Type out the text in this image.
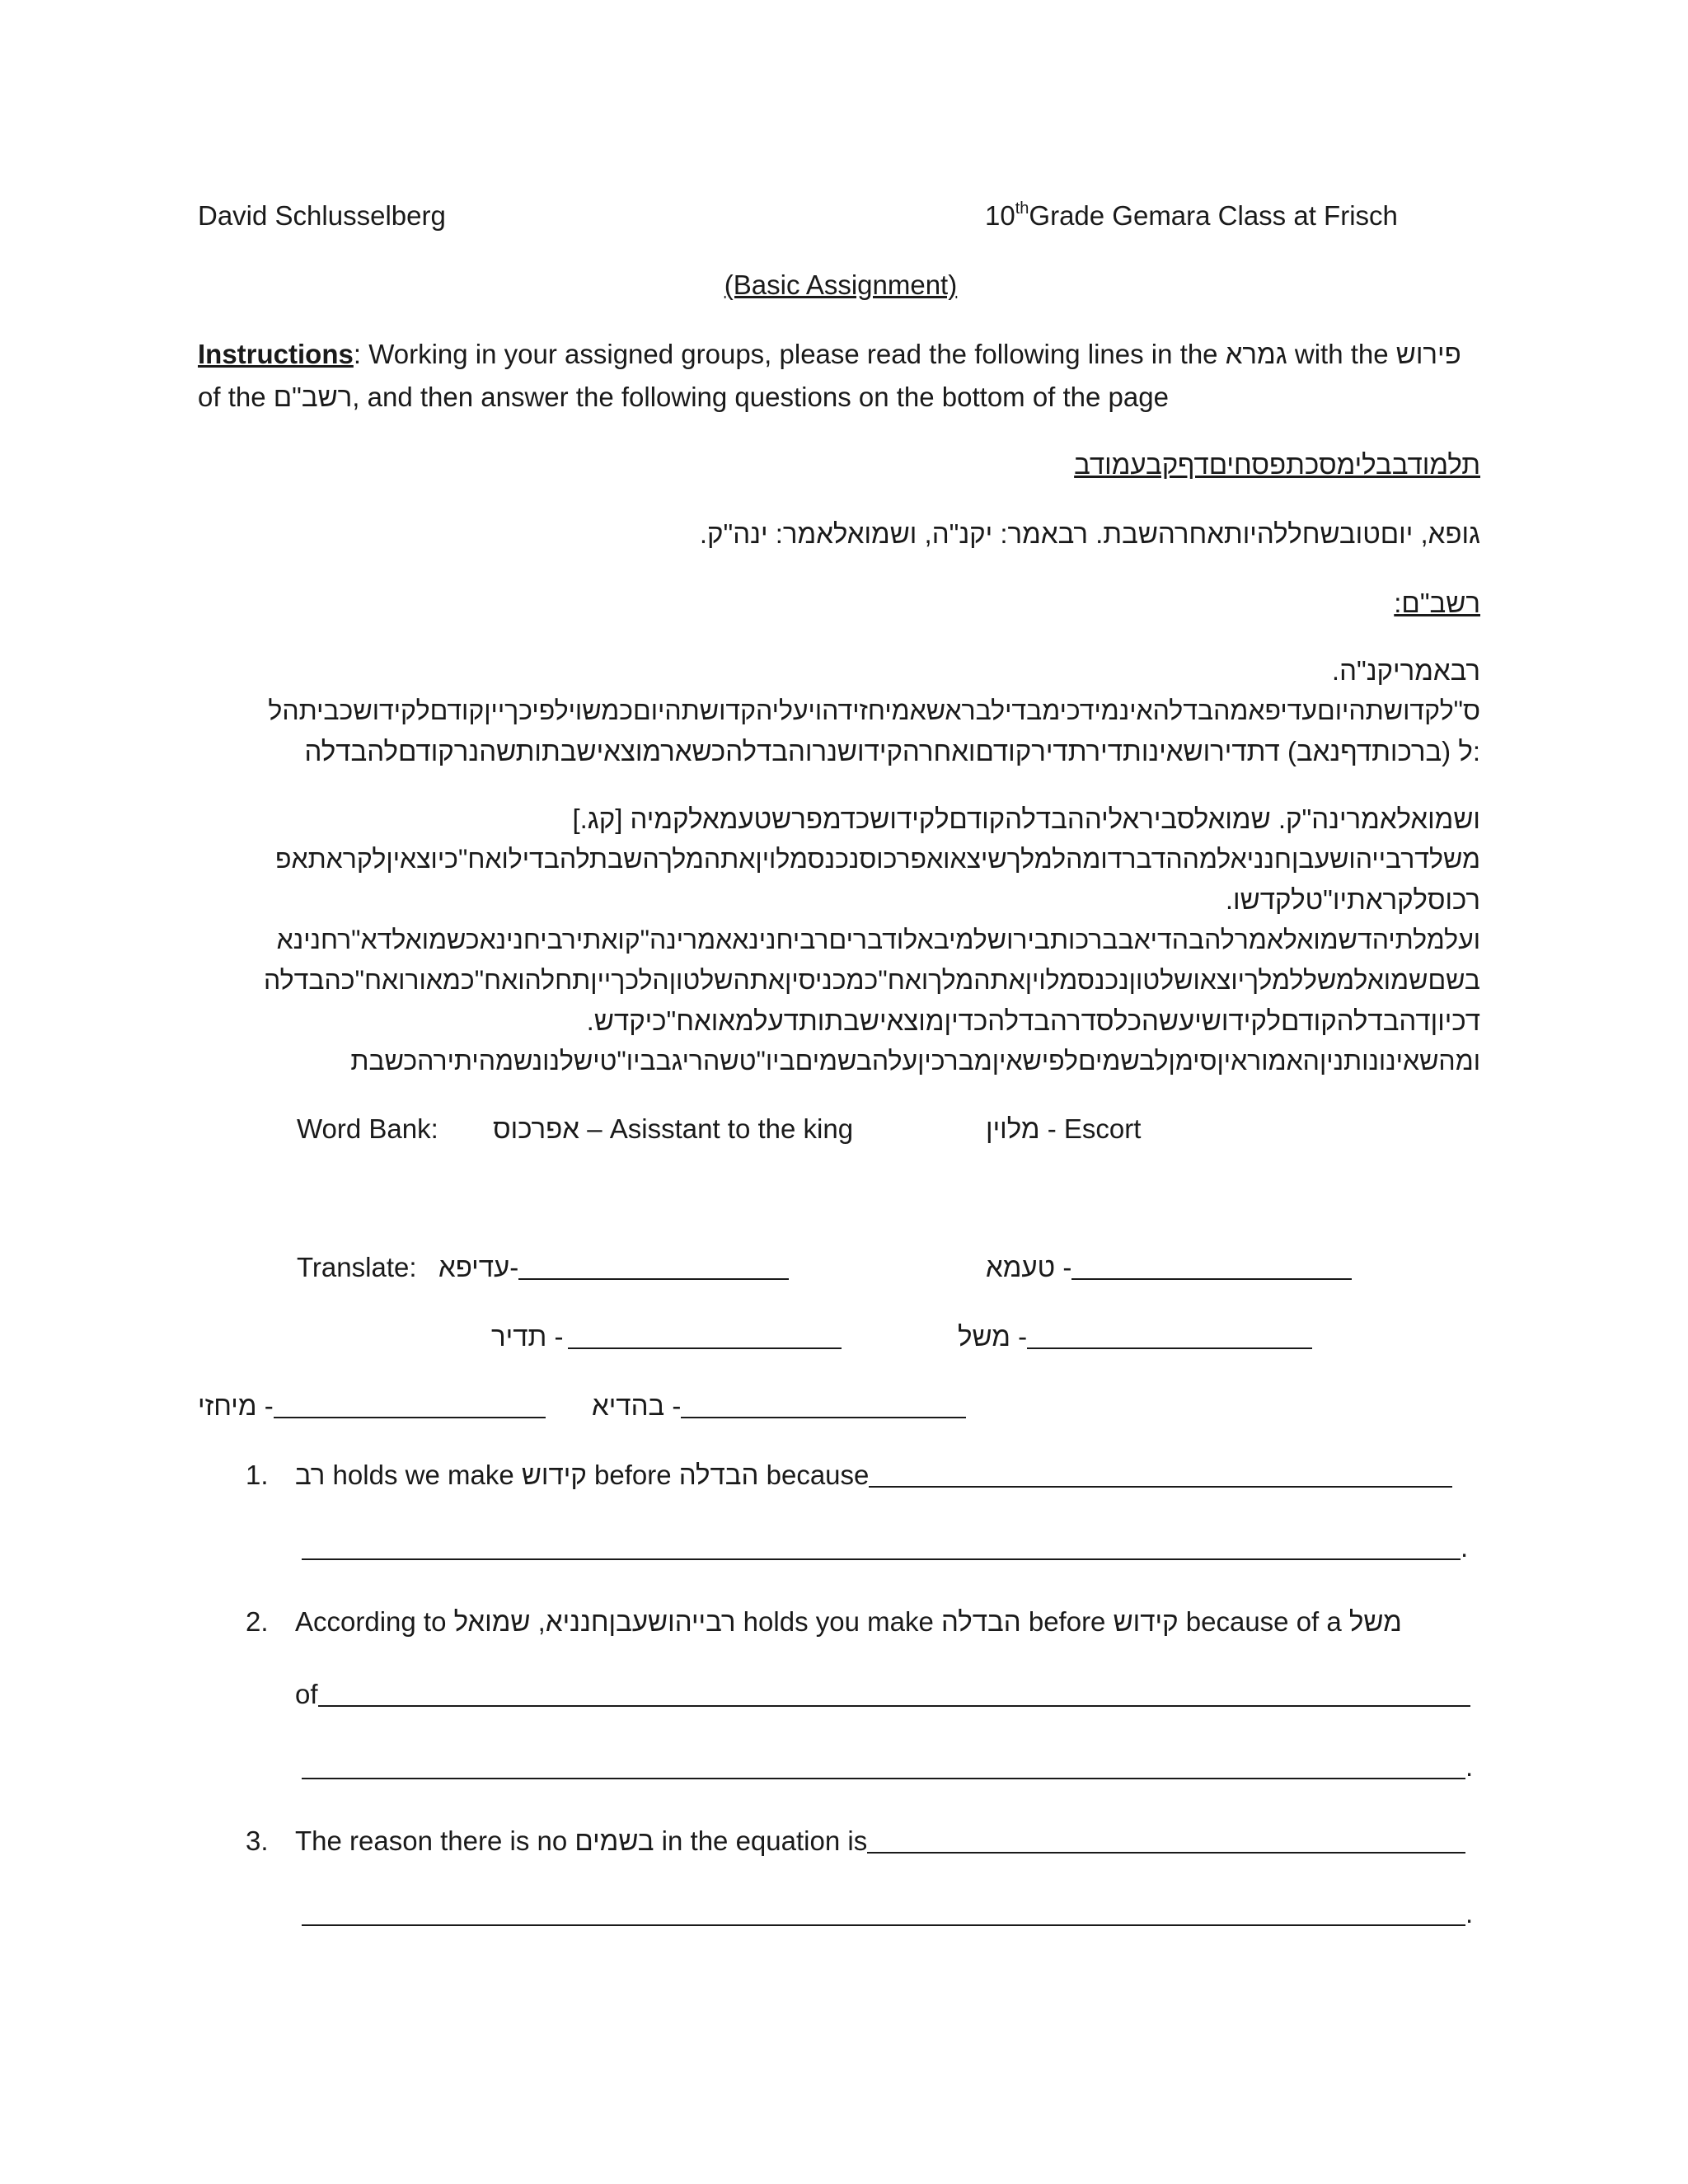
David Schlusselberg	10thGrade Gemara Class at Frisch
(Basic Assignment)
Instructions: Working in your assigned groups, please read the following lines in the גמרא with the פירוש
of the רשב"ם, and then answer the following questions on the bottom of the page
תלמודבבלימסכתפסחיםדףקבעמודב
גופא, יוםטובשחללהיותאחרהשבת. רבאמר: יקנ"ה, ושמואלאמר: ינה"ק.
רשב"ם:
רבאמריקנ"ה.
ס"לקדושתהיוםעדיפאמהבדלהאינמידכימבדילבראשאמיחזידהויעליהקדושתהיוםכמשוילפיכךייןקודםלקידושכביתהל
:ל (ברכותדףנאב) דתדירושאינותדירתדירקודםואחרהקידושנרוהבדלהכשארמוצאישבתותשהנרקודםלהבדלה
ושמואלאמרינה"ק. שמואלסביראליההבדלהקודםלקידושכדמפרשטעמאלקמיה [קג.]
משלדרבייהושעבןחנניאלמההדברדומהלמלךשיצאואפרכוסנכנסמלויןאתהמלךהשבתלהבדילואח"כיוצאיןלקראתאפ
רכוסלקראתיו"טלקדשו.
ועלמלתיהדשמואלאמרלהבהדיאבברכותבירושלמיבאלודבריםרביחנינאאמרינה"קואתירביחנינאכשמואלדא"רחנינא
בשםשמואלמשללמלךיוצאושלטוןנכנסמלויןאתהמלךואח"כמכניסיןאתהשלטוןהלכךייןתחלהואח"כמאורואח"כהבדלה
דכיוןדהבדלהקודםלקידושיעשהכלסדרהבדלהכדיןמוצאישבתותדעלמאואח"כיקדש.
ומהשאינונותניןהאמוראיןסימןלבשמיםלפישאיןמברכיןעלהבשמיםביו"טשהריגבביו"טישלנונשמהיתירהכשבת
Word Bank: אפרכוס – Asisstant to the king	מלוין - Escort
Translate: עדיפא-	טעמא -
תדיר -	משל -
מיחזי -	בהדיא -
1. רב holds we make קידוש before הבדלה because
.
2. According to	רבייהושעבןחנניא, שמואל	holds you make הבדלה before קידוש because of a משל
of
.
3. The reason there is no בשמים in the equation is
.
